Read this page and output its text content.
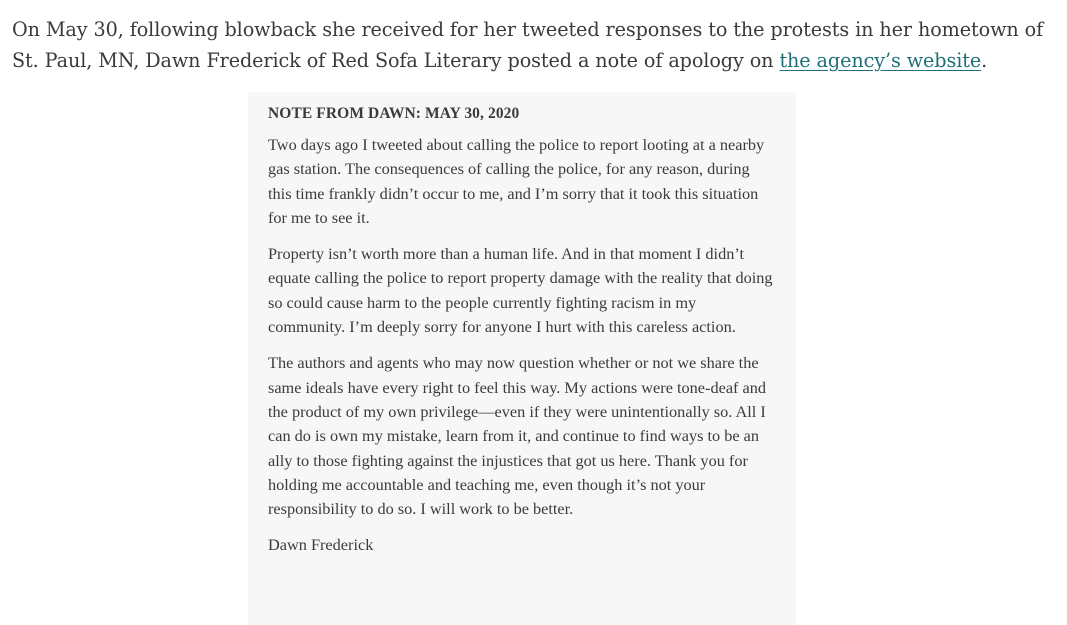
On May 30, following blowback she received for her tweeted responses to the protests in her hometown of St. Paul, MN, Dawn Frederick of Red Sofa Literary posted a note of apology on the agency’s website.

NOTE FROM DAWN: MAY 30, 2020

Two days ago I tweeted about calling the police to report looting at a nearby gas station. The consequences of calling the police, for any reason, during this time frankly didn’t occur to me, and I’m sorry that it took this situation for me to see it.

Property isn’t worth more than a human life. And in that moment I didn’t equate calling the police to report property damage with the reality that doing so could cause harm to the people currently fighting racism in my community. I’m deeply sorry for anyone I hurt with this careless action.

The authors and agents who may now question whether or not we share the same ideals have every right to feel this way. My actions were tone-deaf and the product of my own privilege—even if they were unintentionally so. All I can do is own my mistake, learn from it, and continue to find ways to be an ally to those fighting against the injustices that got us here. Thank you for holding me accountable and teaching me, even though it’s not your responsibility to do so. I will work to be better.

Dawn Frederick
